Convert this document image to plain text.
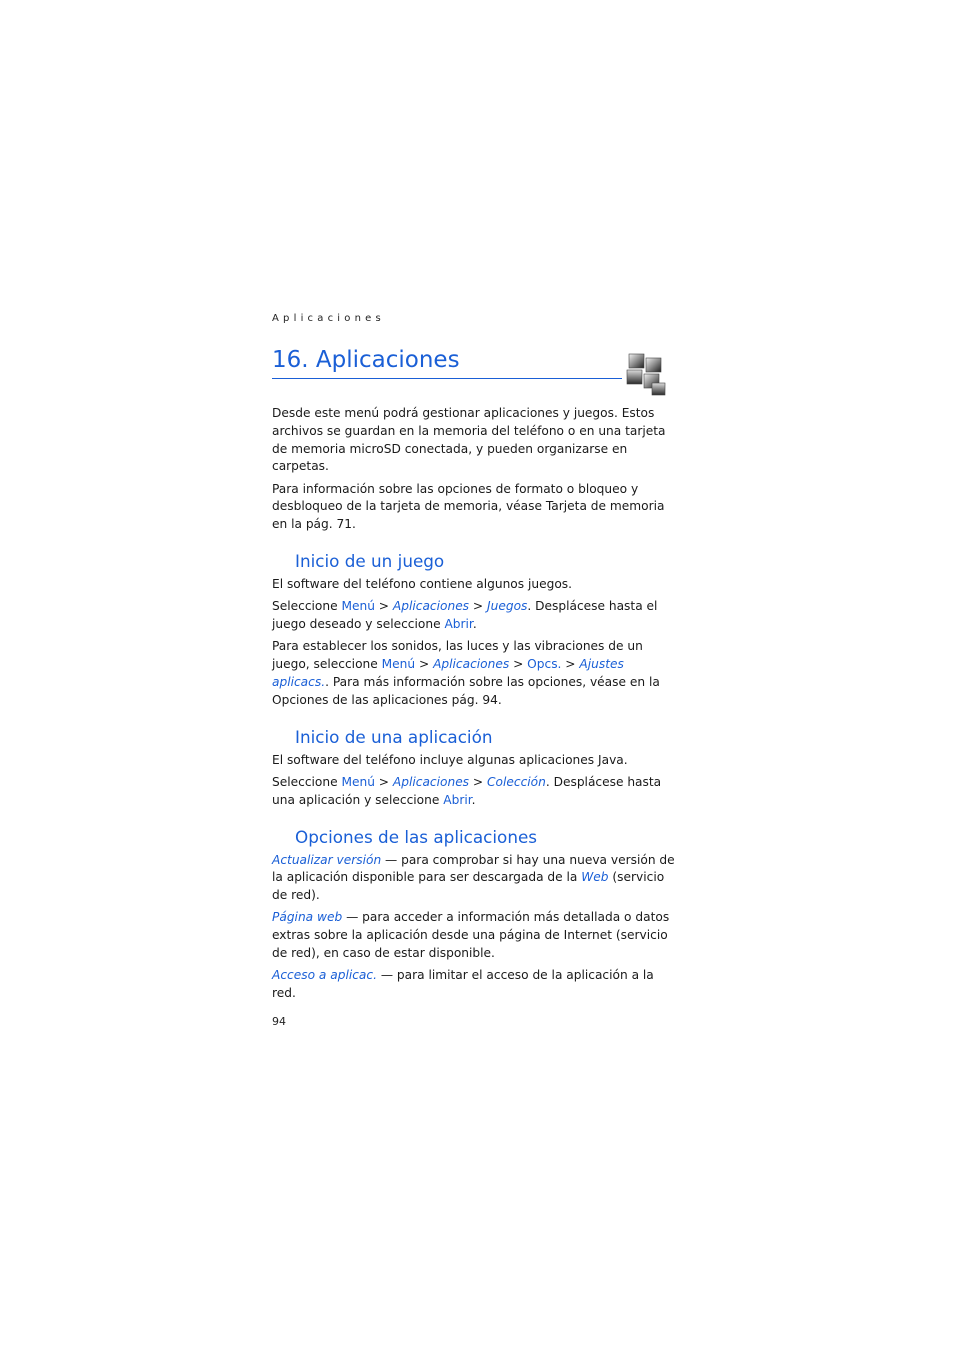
Aplicaciones
16. Aplicaciones

Desde este menú podrá gestionar aplicaciones y juegos. Estos archivos se guardan en la memoria del teléfono o en una tarjeta de memoria microSD conectada, y pueden organizarse en carpetas.

Para información sobre las opciones de formato o bloqueo y desbloqueo de la tarjeta de memoria, véase Tarjeta de memoria en la pág. 71.

Inicio de un juego

El software del teléfono contiene algunos juegos.

Seleccione Menú > Aplicaciones > Juegos. Desplácese hasta el juego deseado y seleccione Abrir.

Para establecer los sonidos, las luces y las vibraciones de un juego, seleccione Menú > Aplicaciones > Opcs. > Ajustes aplicacs.. Para más información sobre las opciones, véase en la Opciones de las aplicaciones pág. 94.

Inicio de una aplicación

El software del teléfono incluye algunas aplicaciones Java.

Seleccione Menú > Aplicaciones > Colección. Desplácese hasta una aplicación y seleccione Abrir.

Opciones de las aplicaciones

Actualizar versión — para comprobar si hay una nueva versión de la aplicación disponible para ser descargada de la Web (servicio de red).

Página web — para acceder a información más detallada o datos extras sobre la aplicación desde una página de Internet (servicio de red), en caso de estar disponible.

Acceso a aplicac. — para limitar el acceso de la aplicación a la red.

94
